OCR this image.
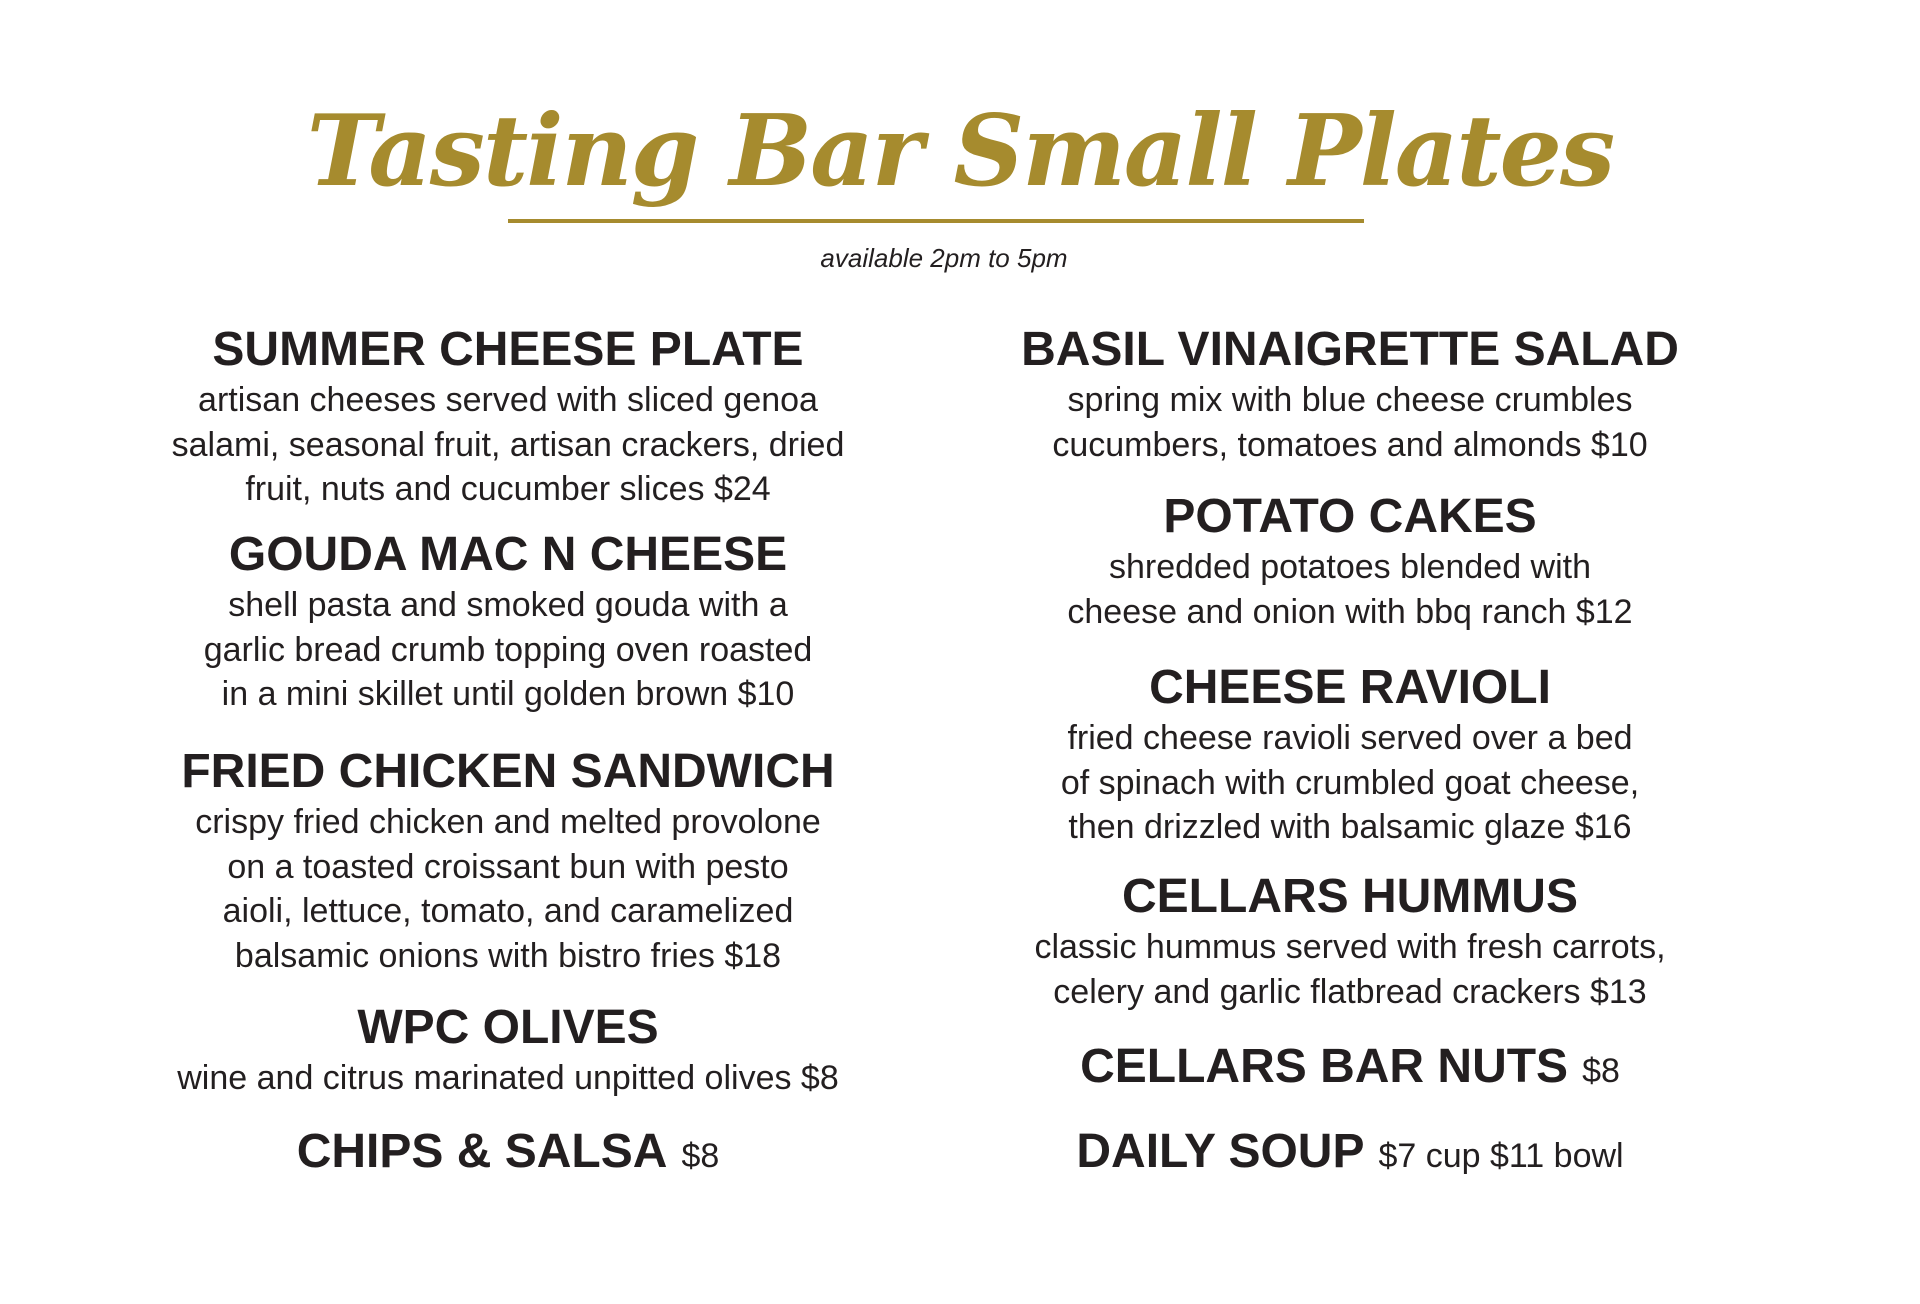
Tasting Bar Small Plates
available 2pm to 5pm
SUMMER CHEESE PLATE
artisan cheeses served with sliced genoa
salami, seasonal fruit, artisan crackers, dried
fruit, nuts and cucumber slices $24
GOUDA MAC N CHEESE
shell pasta and smoked gouda with a
garlic bread crumb topping oven roasted
in a mini skillet until golden brown $10
FRIED CHICKEN SANDWICH
crispy fried chicken and melted provolone
on a toasted croissant bun with pesto
aioli, lettuce, tomato, and caramelized
balsamic onions with bistro fries $18
WPC OLIVES
wine and citrus marinated unpitted olives $8
CHIPS & SALSA $8
BASIL VINAIGRETTE SALAD
spring mix with blue cheese crumbles
cucumbers, tomatoes and almonds $10
POTATO CAKES
shredded potatoes blended with
cheese and onion with bbq ranch $12
CHEESE RAVIOLI
fried cheese ravioli served over a bed
of spinach with crumbled goat cheese,
then drizzled with balsamic glaze $16
CELLARS HUMMUS
classic hummus served with fresh carrots,
celery and garlic flatbread crackers $13
CELLARS BAR NUTS $8
DAILY SOUP $7 cup $11 bowl
